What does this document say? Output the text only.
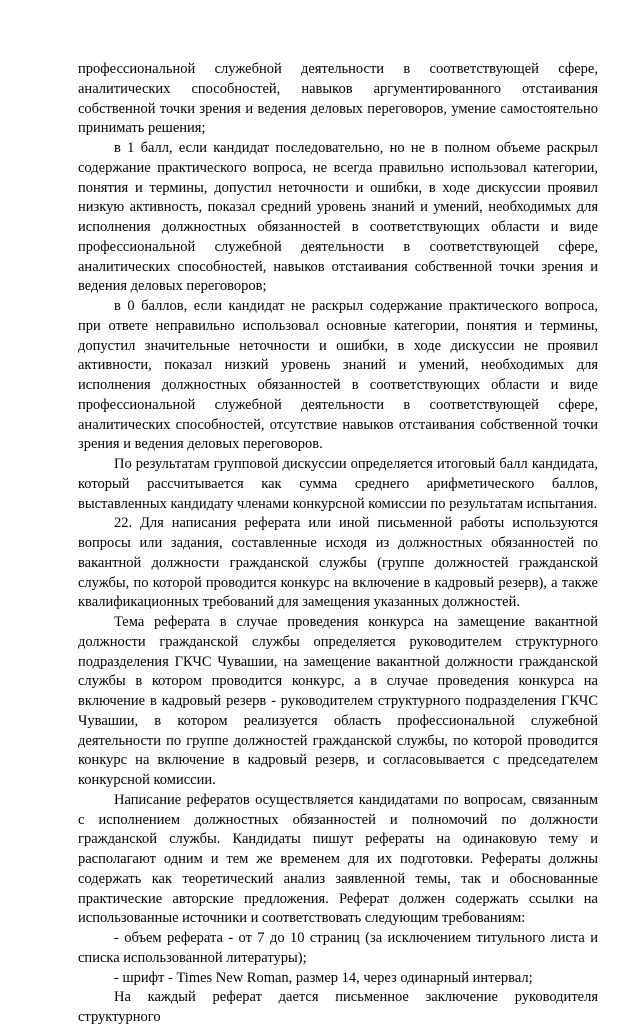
профессиональной служебной деятельности в соответствующей сфере, аналитических способностей, навыков аргументированного отстаивания собственной точки зрения и ведения деловых переговоров, умение самостоятельно принимать решения;

в 1 балл, если кандидат последовательно, но не в полном объеме раскрыл содержание практического вопроса, не всегда правильно использовал категории, понятия и термины, допустил неточности и ошибки, в ходе дискуссии проявил низкую активность, показал средний уровень знаний и умений, необходимых для исполнения должностных обязанностей в соответствующих области и виде профессиональной служебной деятельности в соответствующей сфере, аналитических способностей, навыков отстаивания собственной точки зрения и ведения деловых переговоров;

в 0 баллов, если кандидат не раскрыл содержание практического вопроса, при ответе неправильно использовал основные категории, понятия и термины, допустил значительные неточности и ошибки, в ходе дискуссии не проявил активности, показал низкий уровень знаний и умений, необходимых для исполнения должностных обязанностей в соответствующих области и виде профессиональной служебной деятельности в соответствующей сфере, аналитических способностей, отсутствие навыков отстаивания собственной точки зрения и ведения деловых переговоров.

По результатам групповой дискуссии определяется итоговый балл кандидата, который рассчитывается как сумма среднего арифметического баллов, выставленных кандидату членами конкурсной комиссии по результатам испытания.

22. Для написания реферата или иной письменной работы используются вопросы или задания, составленные исходя из должностных обязанностей по вакантной должности гражданской службы (группе должностей гражданской службы, по которой проводится конкурс на включение в кадровый резерв), а также квалификационных требований для замещения указанных должностей.

Тема реферата в случае проведения конкурса на замещение вакантной должности гражданской службы определяется руководителем структурного подразделения ГКЧС Чувашии, на замещение вакантной должности гражданской службы в котором проводится конкурс, а в случае проведения конкурса на включение в кадровый резерв - руководителем структурного подразделения ГКЧС Чувашии, в котором реализуется область профессиональной служебной деятельности по группе должностей гражданской службы, по которой проводится конкурс на включение в кадровый резерв, и согласовывается с председателем конкурсной комиссии.

Написание рефератов осуществляется кандидатами по вопросам, связанным с исполнением должностных обязанностей и полномочий по должности гражданской службы. Кандидаты пишут рефераты на одинаковую тему и располагают одним и тем же временем для их подготовки. Рефераты должны содержать как теоретический анализ заявленной темы, так и обоснованные практические авторские предложения. Реферат должен содержать ссылки на использованные источники и соответствовать следующим требованиям:

- объем реферата - от 7 до 10 страниц (за исключением титульного листа и списка использованной литературы);

- шрифт - Times New Roman, размер 14, через одинарный интервал;

На каждый реферат дается письменное заключение руководителя структурного
